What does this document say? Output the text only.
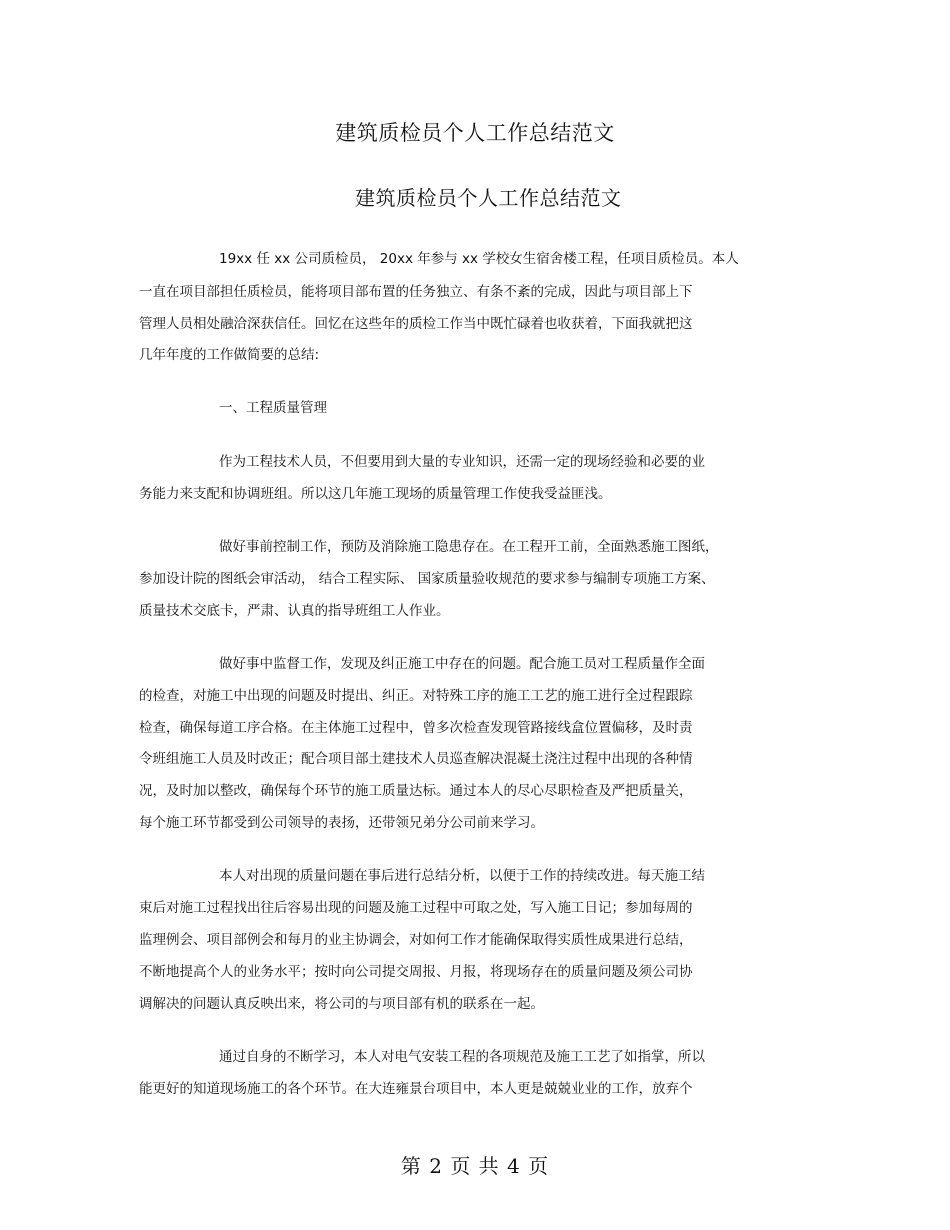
建筑质检员个人工作总结范文
建筑质检员个人工作总结范文
19xx 任 xx 公司质检员， 20xx 年参与 xx 学校女生宿舍楼工程，任项目质检员。本人
一直在项目部担任质检员，能将项目部布置的任务独立、有条不紊的完成，因此与项目部上下
管理人员相处融洽深获信任。回忆在这些年的质检工作当中既忙碌着也收获着，下面我就把这
几年年度的工作做简要的总结:
一、工程质量管理
作为工程技术人员，不但要用到大量的专业知识，还需一定的现场经验和必要的业
务能力来支配和协调班组。所以这几年施工现场的质量管理工作使我受益匪浅。
做好事前控制工作，预防及消除施工隐患存在。在工程开工前，全面熟悉施工图纸，
参加设计院的图纸会审活动， 结合工程实际、 国家质量验收规范的要求参与编制专项施工方案、
质量技术交底卡，严肃、认真的指导班组工人作业。
做好事中监督工作，发现及纠正施工中存在的问题。配合施工员对工程质量作全面
的检查，对施工中出现的问题及时提出、纠正。对特殊工序的施工工艺的施工进行全过程跟踪
检查，确保每道工序合格。在主体施工过程中，曾多次检查发现管路接线盒位置偏移，及时责
令班组施工人员及时改正；配合项目部土建技术人员巡查解决混凝土浇注过程中出现的各种情
况，及时加以整改，确保每个环节的施工质量达标。通过本人的尽心尽职检查及严把质量关，
每个施工环节都受到公司领导的表扬，还带领兄弟分公司前来学习。
本人对出现的质量问题在事后进行总结分析，以便于工作的持续改进。每天施工结
束后对施工过程找出往后容易出现的问题及施工过程中可取之处，写入施工日记；参加每周的
监理例会、项目部例会和每月的业主协调会，对如何工作才能确保取得实质性成果进行总结，
不断地提高个人的业务水平；按时向公司提交周报、月报，将现场存在的质量问题及须公司协
调解决的问题认真反映出来，将公司的与项目部有机的联系在一起。
通过自身的不断学习，本人对电气安装工程的各项规范及施工工艺了如指掌，所以
能更好的知道现场施工的各个环节。在大连雍景台项目中，本人更是兢兢业业的工作，放弃个
第 2 页 共 4 页
